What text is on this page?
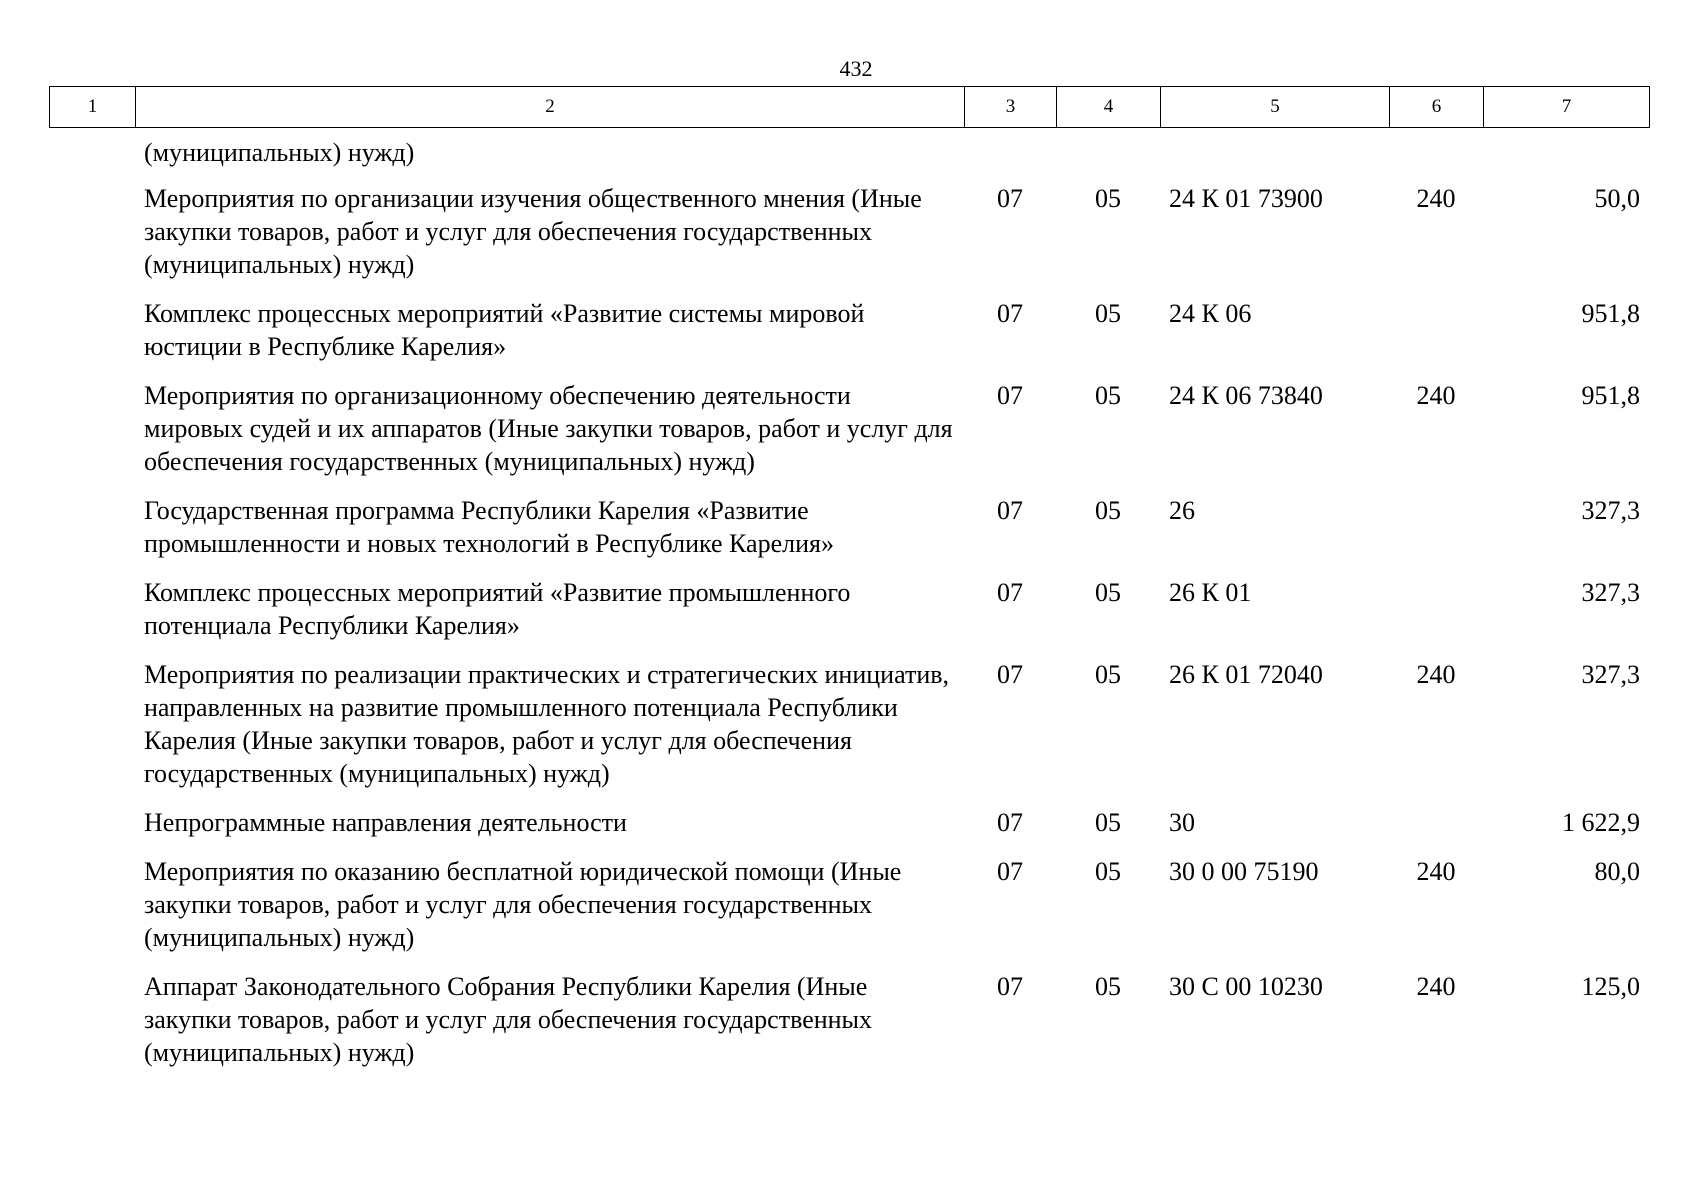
432
1	2	3	4	5	6	7
(муниципальных) нужд)					
Мероприятия по организации изучения общественного мнения (Иные закупки товаров, работ и услуг для обеспечения государственных (муниципальных) нужд)	07	05	24 К 01 73900	240	50,0
Комплекс процессных мероприятий «Развитие системы мировой юстиции в Республике Карелия»	07	05	24 К 06		951,8
Мероприятия по организационному обеспечению деятельности мировых судей и их аппаратов (Иные закупки товаров, работ и услуг для обеспечения государственных (муниципальных) нужд)	07	05	24 К 06 73840	240	951,8
Государственная программа Республики Карелия «Развитие промышленности и новых технологий в Республике Карелия»	07	05	26		327,3
Комплекс процессных мероприятий «Развитие промышленного потенциала Республики Карелия»	07	05	26 К 01		327,3
Мероприятия по реализации практических и стратегических инициатив, направленных на развитие промышленного потенциала Республики Карелия (Иные закупки товаров, работ и услуг для обеспечения государственных (муниципальных) нужд)	07	05	26 К 01 72040	240	327,3
Непрограммные направления деятельности	07	05	30		1 622,9
Мероприятия по оказанию бесплатной юридической помощи (Иные закупки товаров, работ и услуг для обеспечения государственных (муниципальных) нужд)	07	05	30 0 00 75190	240	80,0
Аппарат Законодательного Собрания Республики Карелия (Иные закупки товаров, работ и услуг для обеспечения государственных (муниципальных) нужд)	07	05	30 С 00 10230	240	125,0
